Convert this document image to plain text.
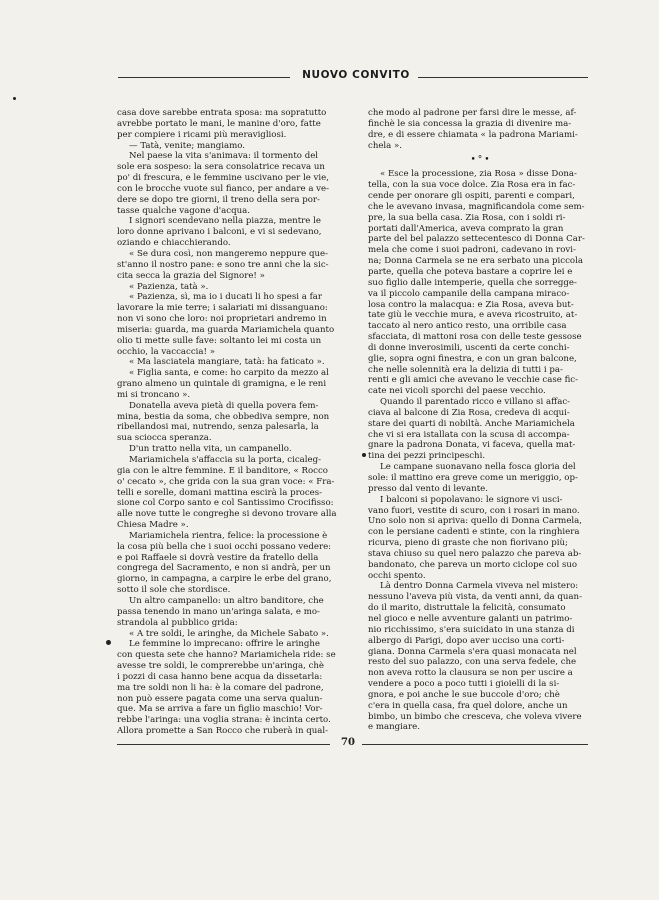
NUOVO CONVITO

casa dove sarebbe entrata sposa: ma sopratutto

avrebbe portato le mani, le manine d'oro, fatte

per compiere i ricami più meravigliosi.

— Tatà, venite; mangiamo.

Nel paese la vita s'animava: il tormento del

sole era sospeso: la sera consolatrice recava un

po' di frescura, e le femmine uscivano per le vie,

con le brocche vuote sul fianco, per andare a ve-

dere se dopo tre giorni, il treno della sera por-

tasse qualche vagone d'acqua.

I signori scendevano nella piazza, mentre le

loro donne aprivano i balconi, e vi si sedevano,

oziando e chiacchierando.

« Se dura così, non mangeremo neppure que-

st'anno il nostro pane: e sono tre anni che la sic-

cita secca la grazia del Signore! »

« Pazienza, tatà ».

« Pazienza, sì, ma io i ducati li ho spesi a far

lavorare la mie terre; i salariati mi dissanguano:

non vi sono che loro: noi proprietari andremo in

miseria: guarda, ma guarda Mariamichela quanto

olio ti mette sulle fave: soltanto lei mi costa un

occhio, la vaccaccia! »

« Ma lasciatela mangiare, tatà: ha faticato ».

« Figlia santa, e come: ho carpito da mezzo al

grano almeno un quintale di gramigna, e le reni

mi si troncano ».

Donatella aveva pietà di quella povera fem-

mina, bestia da soma, che obbediva sempre, non

ribellandosi mai, nutrendo, senza palesarla, la

sua sciocca speranza.

D'un tratto nella vita, un campanello.

Mariamichela s'affaccia su la porta, cicaleg-

gia con le altre femmine. È il banditore, « Rocco

o' cecato », che grida con la sua gran voce: « Fra-

telli e sorelle, domani mattina escirà la proces-

sione col Corpo santo e col Santissimo Crocifisso:

alle nove tutte le congreghe si devono trovare alla

Chiesa Madre ».

Mariamichela rientra, felice: la processione è

la cosa più bella che i suoi occhi possano vedere:

e poi Raffaele si dovrà vestire da fratello della

congrega del Sacramento, e non si andrà, per un

giorno, in campagna, a carpire le erbe del grano,

sotto il sole che stordisce.

Un altro campanello: un altro banditore, che

passa tenendo in mano un'aringa salata, e mo-

strandola al pubblico grida:

« A tre soldi, le aringhe, da Michele Sabato ».

Le femmine lo imprecano: offrire le aringhe

con questa sete che hanno? Mariamichela ride: se

avesse tre soldi, le comprerebbe un'aringa, chè

i pozzi di casa hanno bene acqua da dissetarla:

ma tre soldi non li ha: è la comare del padrone,

non può essere pagata come una serva qualun-

que. Ma se arriva a fare un figlio maschio! Vor-

rebbe l'aringa: una voglia strana: è incinta certo.

Allora promette a San Rocco che ruberà in qual-

che modo al padrone per farsi dire le messe, af-

finchè le sia concessa la grazia di divenire ma-

dre, e di essere chiamata « la padrona Mariami-

chela ».

•°•

« Esce la processione, zia Rosa » disse Dona-

tella, con la sua voce dolce. Zia Rosa era in fac-

cende per onorare gli ospiti, parenti e compari,

che le avevano invasa, magnificandola come sem-

pre, la sua bella casa. Zia Rosa, con i soldi ri-

portati dall'America, aveva comprato la gran

parte del bel palazzo settecentesco di Donna Car-

mela che come i suoi padroni, cadevano in rovi-

na; Donna Carmela se ne era serbato una piccola

parte, quella che poteva bastare a coprire lei e

suo figlio dalle intemperie, quella che sorregge-

va il piccolo campanile della campana miraco-

losa contro la malacqua: e Zia Rosa, aveva but-

tate giù le vecchie mura, e aveva ricostruito, at-

taccato al nero antico resto, una orribile casa

sfacciata, di mattoni rosa con delle teste gessose

di donne inverosimili, uscenti da certe conchi-

glie, sopra ogni finestra, e con un gran balcone,

che nelle solennità era la delizia di tutti i pa-

renti e gli amici che avevano le vecchie case fic-

cate nei vicoli sporchi del paese vecchio.

Quando il parentado ricco e villano si affac-

ciava al balcone di Zia Rosa, credeva di acqui-

stare dei quarti di nobiltà. Anche Mariamichela

che vi si era istallata con la scusa di accompa-

gnare la padrona Donata, vi faceva, quella mat-

tina dei pezzi principeschi.

Le campane suonavano nella fosca gloria del

sole: il mattino era greve come un meriggio, op-

presso dal vento di levante.

I balconi si popolavano: le signore vi usci-

vano fuori, vestite di scuro, con i rosari in mano.

Uno solo non si apriva: quello di Donna Carmela,

con le persiane cadenti e stinte, con la ringhiera

ricurva, pieno di graste che non fiorivano più;

stava chiuso su quel nero palazzo che pareva ab-

bandonato, che pareva un morto ciclope col suo

occhi spento.

Là dentro Donna Carmela viveva nel mistero:

nessuno l'aveva più vista, da venti anni, da quan-

do il marito, distruttale la felicità, consumato

nel gioco e nelle avventure galanti un patrimo-

nio ricchissimo, s'era suicidato in una stanza di

albergo di Parigi, dopo aver ucciso una corti-

giana. Donna Carmela s'era quasi monacata nel

resto del suo palazzo, con una serva fedele, che

non aveva rotto la clausura se non per uscire a

vendere a poco a poco tutti i gioielli di la si-

gnora, e poi anche le sue buccole d'oro; chè

c'era in quella casa, fra quel dolore, anche un

bimbo, un bimbo che cresceva, che voleva vivere

e mangiare.

70
